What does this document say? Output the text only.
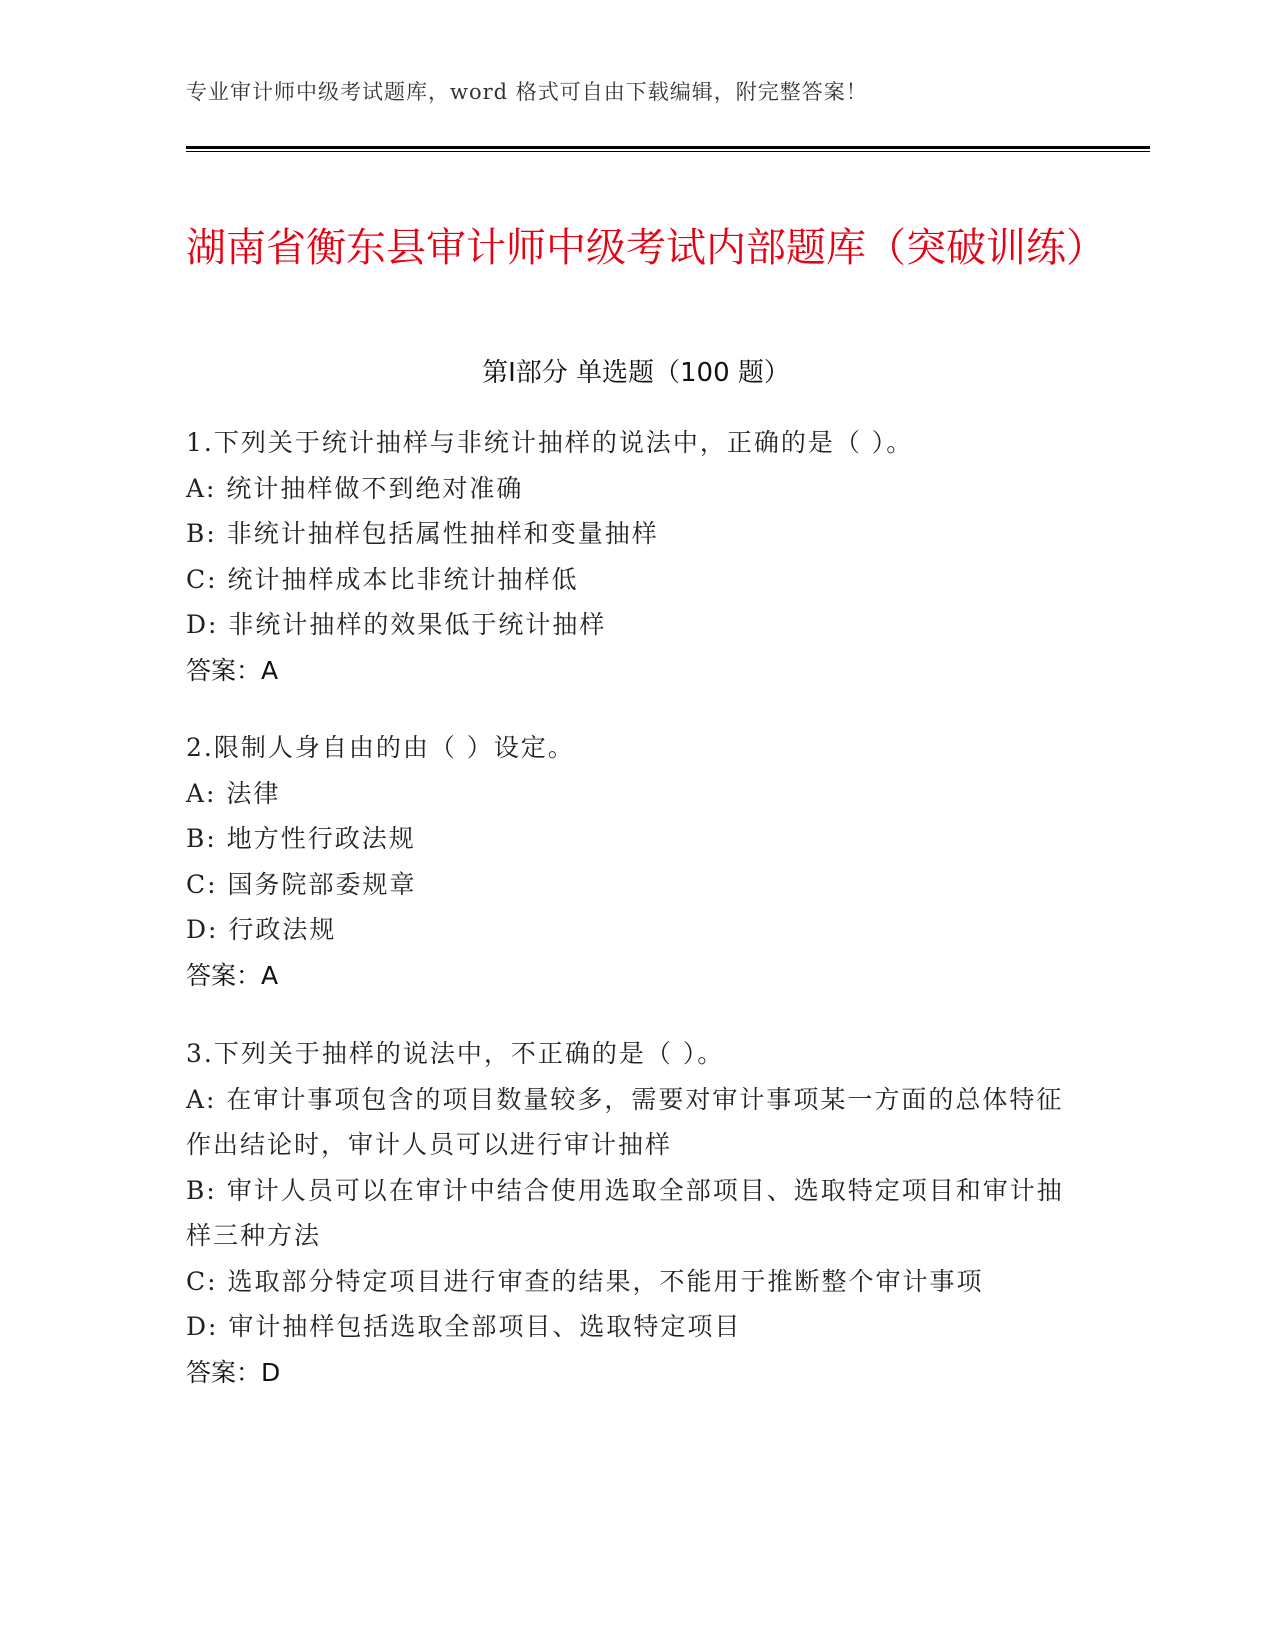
专业审计师中级考试题库，word 格式可自由下载编辑，附完整答案！
湖南省衡东县审计师中级考试内部题库（突破训练）
第Ⅰ部分 单选题（100 题）

1.下列关于统计抽样与非统计抽样的说法中，正确的是（ ）。

A: 统计抽样做不到绝对准确

B: 非统计抽样包括属性抽样和变量抽样

C: 统计抽样成本比非统计抽样低

D: 非统计抽样的效果低于统计抽样

答案：A

2.限制人身自由的由（ ）设定。

A: 法律

B: 地方性行政法规

C: 国务院部委规章

D: 行政法规

答案：A

3.下列关于抽样的说法中，不正确的是（ ）。

A: 在审计事项包含的项目数量较多，需要对审计事项某一方面的总体特征作出结论时，审计人员可以进行审计抽样

B: 审计人员可以在审计中结合使用选取全部项目、选取特定项目和审计抽样三种方法

C: 选取部分特定项目进行审查的结果，不能用于推断整个审计事项

D: 审计抽样包括选取全部项目、选取特定项目

答案：D
